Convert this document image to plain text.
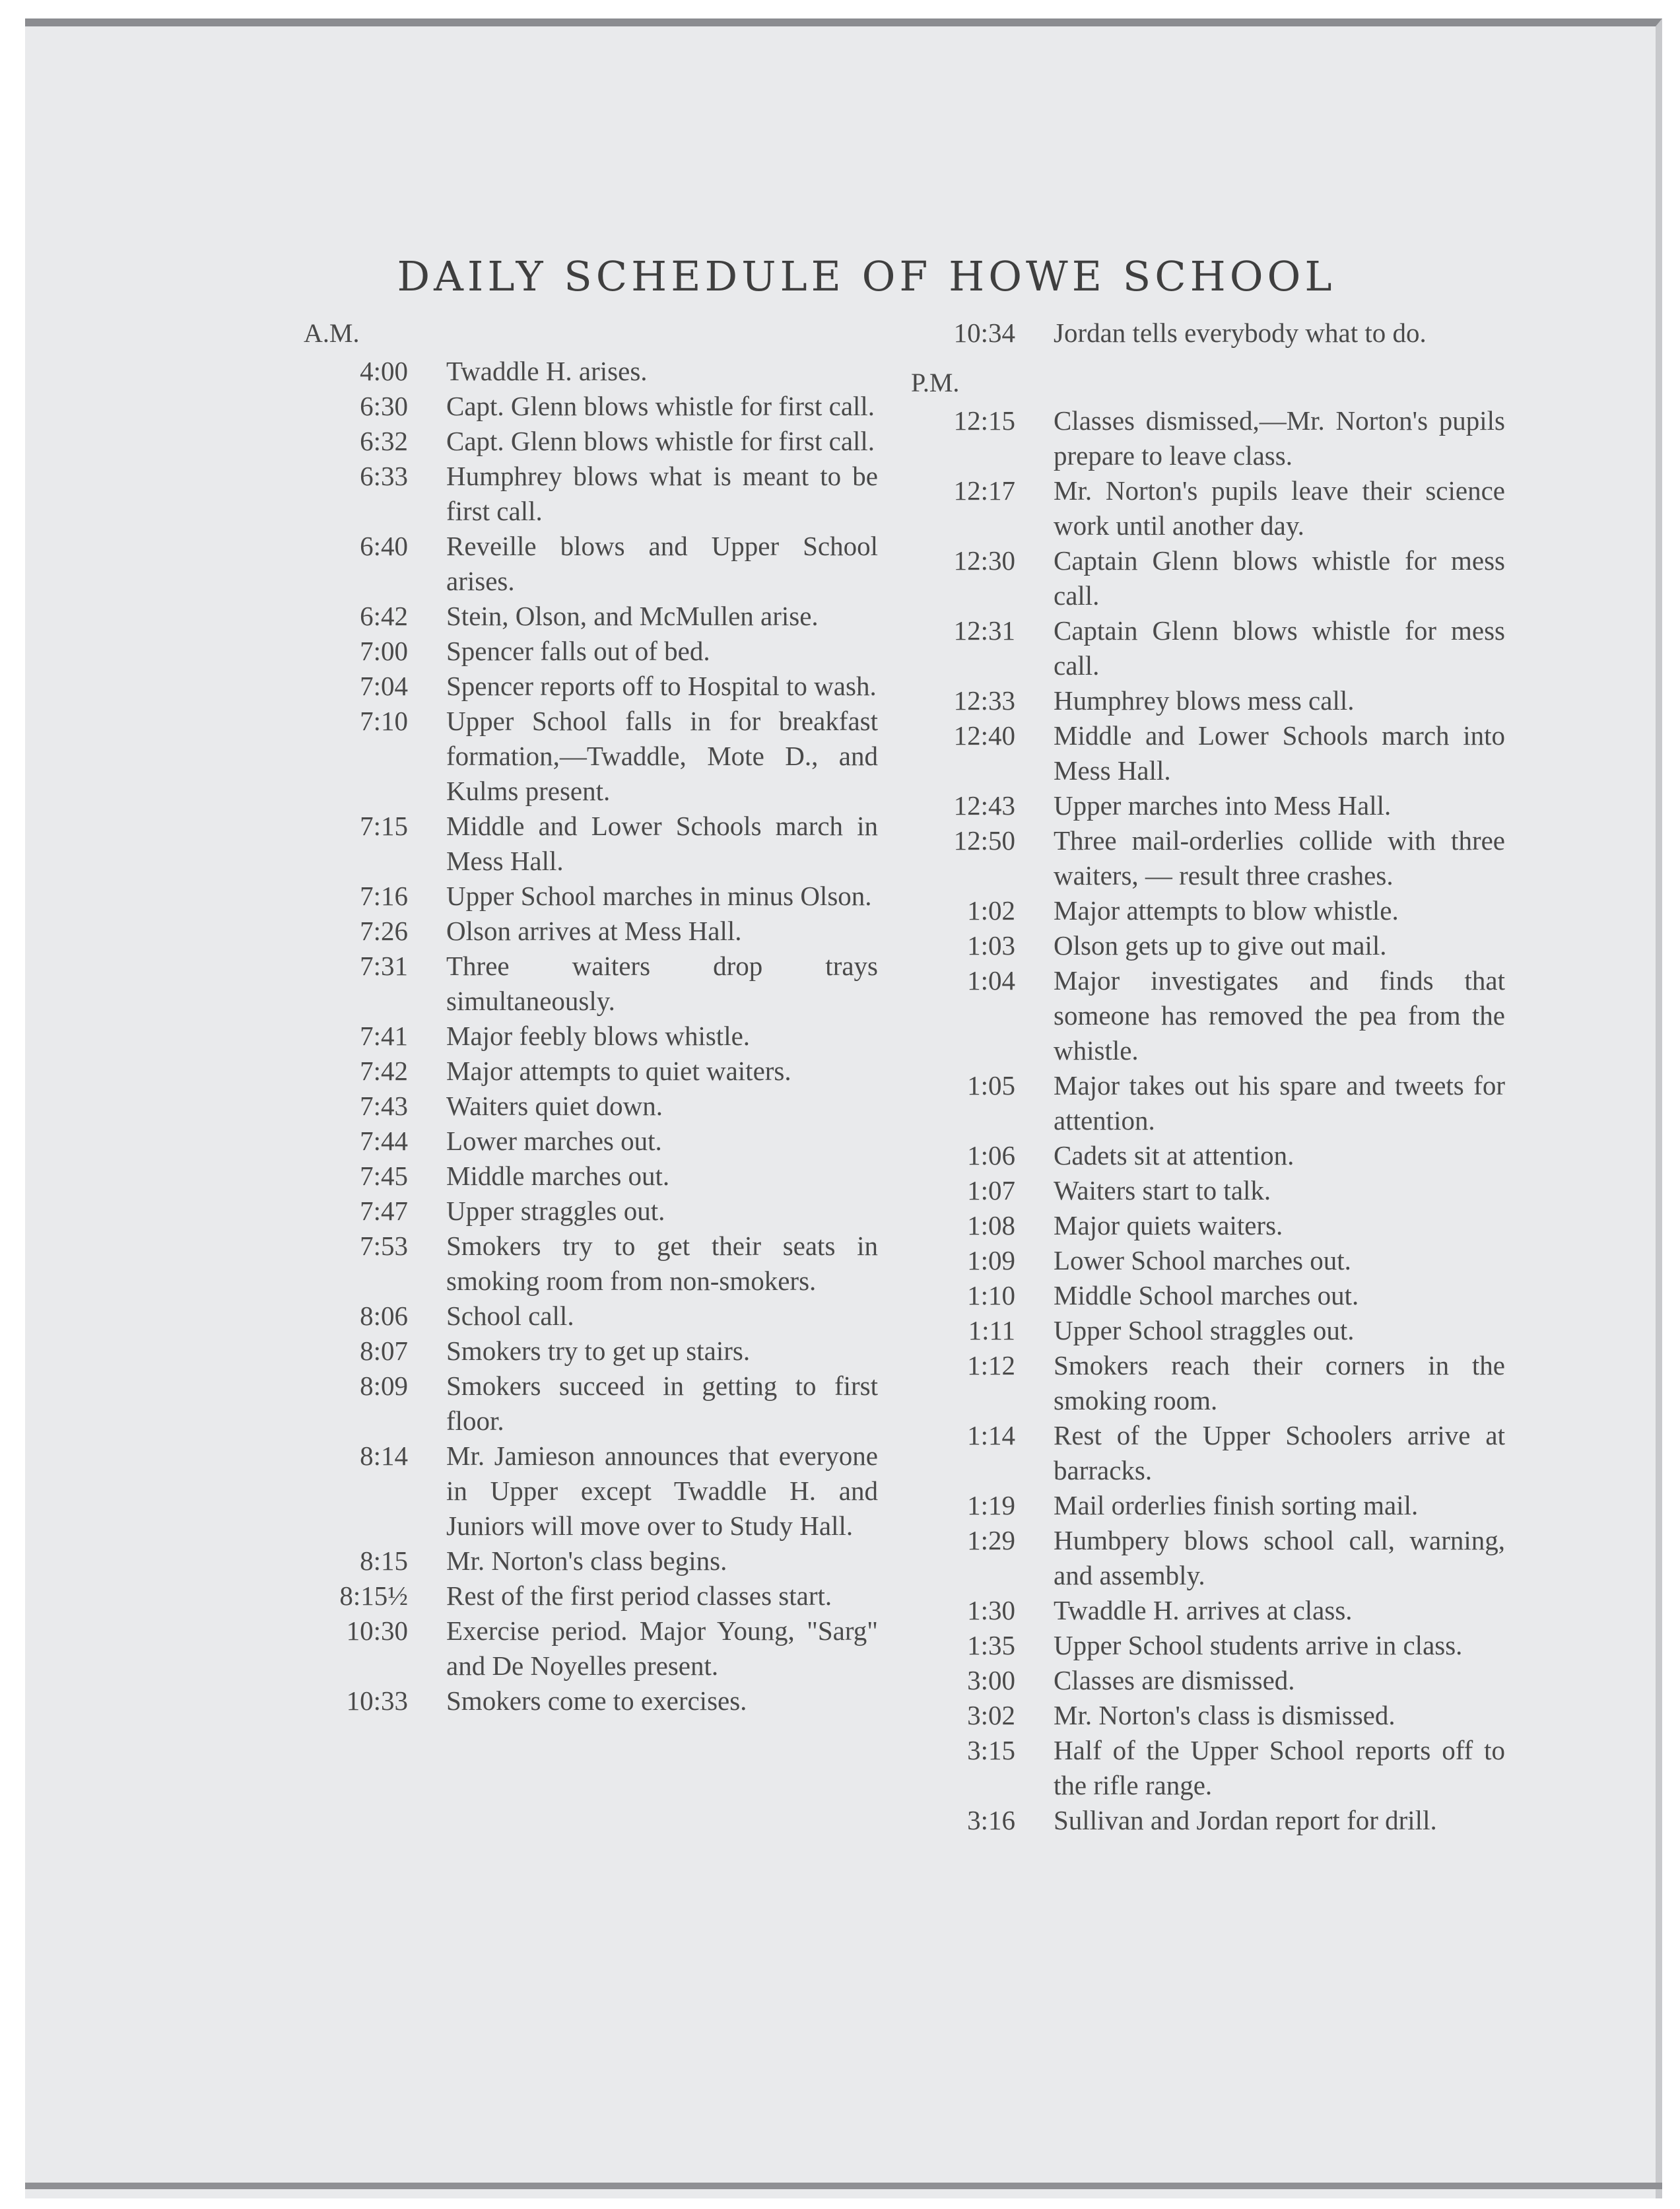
DAILY SCHEDULE OF HOWE SCHOOL
A.M.
4:00	Twaddle H. arises.
6:30	Capt. Glenn blows whistle for first call.
6:32	Capt. Glenn blows whistle for first call.
6:33	Humphrey blows what is meant to be first call.
6:40	Reveille blows and Upper School arises.
6:42	Stein, Olson, and McMullen arise.
7:00	Spencer falls out of bed.
7:04	Spencer reports off to Hospital to wash.
7:10	Upper School falls in for breakfast formation,—Twaddle, Mote D., and Kulms present.
7:15	Middle and Lower Schools march in Mess Hall.
7:16	Upper School marches in minus Olson.
7:26	Olson arrives at Mess Hall.
7:31	Three waiters drop trays simultaneously.
7:41	Major feebly blows whistle.
7:42	Major attempts to quiet waiters.
7:43	Waiters quiet down.
7:44	Lower marches out.
7:45	Middle marches out.
7:47	Upper straggles out.
7:53	Smokers try to get their seats in smoking room from non-smokers.
8:06	School call.
8:07	Smokers try to get up stairs.
8:09	Smokers succeed in getting to first floor.
8:14	Mr. Jamieson announces that everyone in Upper except Twaddle H. and Juniors will move over to Study Hall.
8:15	Mr. Norton's class begins.
8:15½	Rest of the first period classes start.
10:30	Exercise period. Major Young, "Sarg" and De Noyelles present.
10:33	Smokers come to exercises.
10:34	Jordan tells everybody what to do.
P.M.
12:15	Classes dismissed,—Mr. Norton's pupils prepare to leave class.
12:17	Mr. Norton's pupils leave their science work until another day.
12:30	Captain Glenn blows whistle for mess call.
12:31	Captain Glenn blows whistle for mess call.
12:33	Humphrey blows mess call.
12:40	Middle and Lower Schools march into Mess Hall.
12:43	Upper marches into Mess Hall.
12:50	Three mail-orderlies collide with three waiters, — result three crashes.
1:02	Major attempts to blow whistle.
1:03	Olson gets up to give out mail.
1:04	Major investigates and finds that someone has removed the pea from the whistle.
1:05	Major takes out his spare and tweets for attention.
1:06	Cadets sit at attention.
1:07	Waiters start to talk.
1:08	Major quiets waiters.
1:09	Lower School marches out.
1:10	Middle School marches out.
1:11	Upper School straggles out.
1:12	Smokers reach their corners in the smoking room.
1:14	Rest of the Upper Schoolers arrive at barracks.
1:19	Mail orderlies finish sorting mail.
1:29	Humbpery blows school call, warning, and assembly.
1:30	Twaddle H. arrives at class.
1:35	Upper School students arrive in class.
3:00	Classes are dismissed.
3:02	Mr. Norton's class is dismissed.
3:15	Half of the Upper School reports off to the rifle range.
3:16	Sullivan and Jordan report for drill.
